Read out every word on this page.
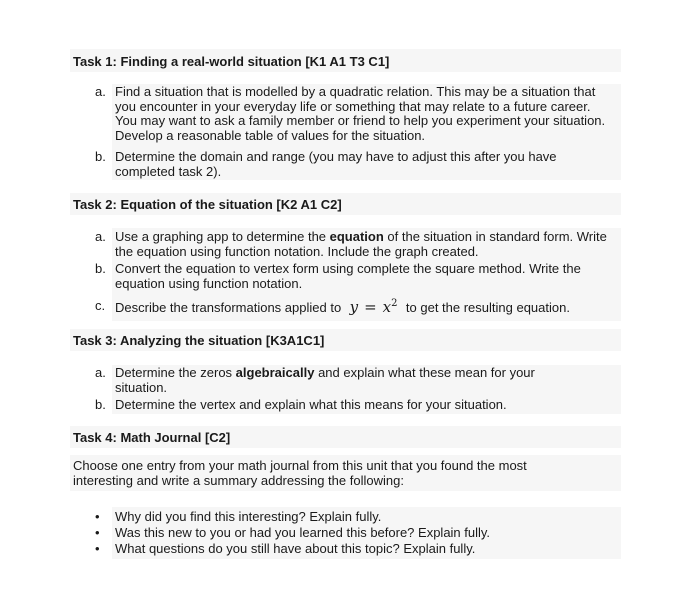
Task 1: Finding a real-world situation [K1 A1 T3 C1]
a. Find a situation that is modelled by a quadratic relation. This may be a situation that you encounter in your everyday life or something that may relate to a future career. You may want to ask a family member or friend to help you experiment your situation. Develop a reasonable table of values for the situation.
b. Determine the domain and range (you may have to adjust this after you have completed task 2).
Task 2: Equation of the situation [K2 A1 C2]
a. Use a graphing app to determine the equation of the situation in standard form. Write the equation using function notation. Include the graph created.
b. Convert the equation to vertex form using complete the square method. Write the equation using function notation.
c. Describe the transformations applied to $y = x^2$ to get the resulting equation.
Task 3: Analyzing the situation [K3A1C1]
a. Determine the zeros algebraically and explain what these mean for your situation.
b. Determine the vertex and explain what this means for your situation.
Task 4: Math Journal [C2]
Choose one entry from your math journal from this unit that you found the most interesting and write a summary addressing the following:
• Why did you find this interesting? Explain fully.
• Was this new to you or had you learned this before? Explain fully.
• What questions do you still have about this topic? Explain fully.
